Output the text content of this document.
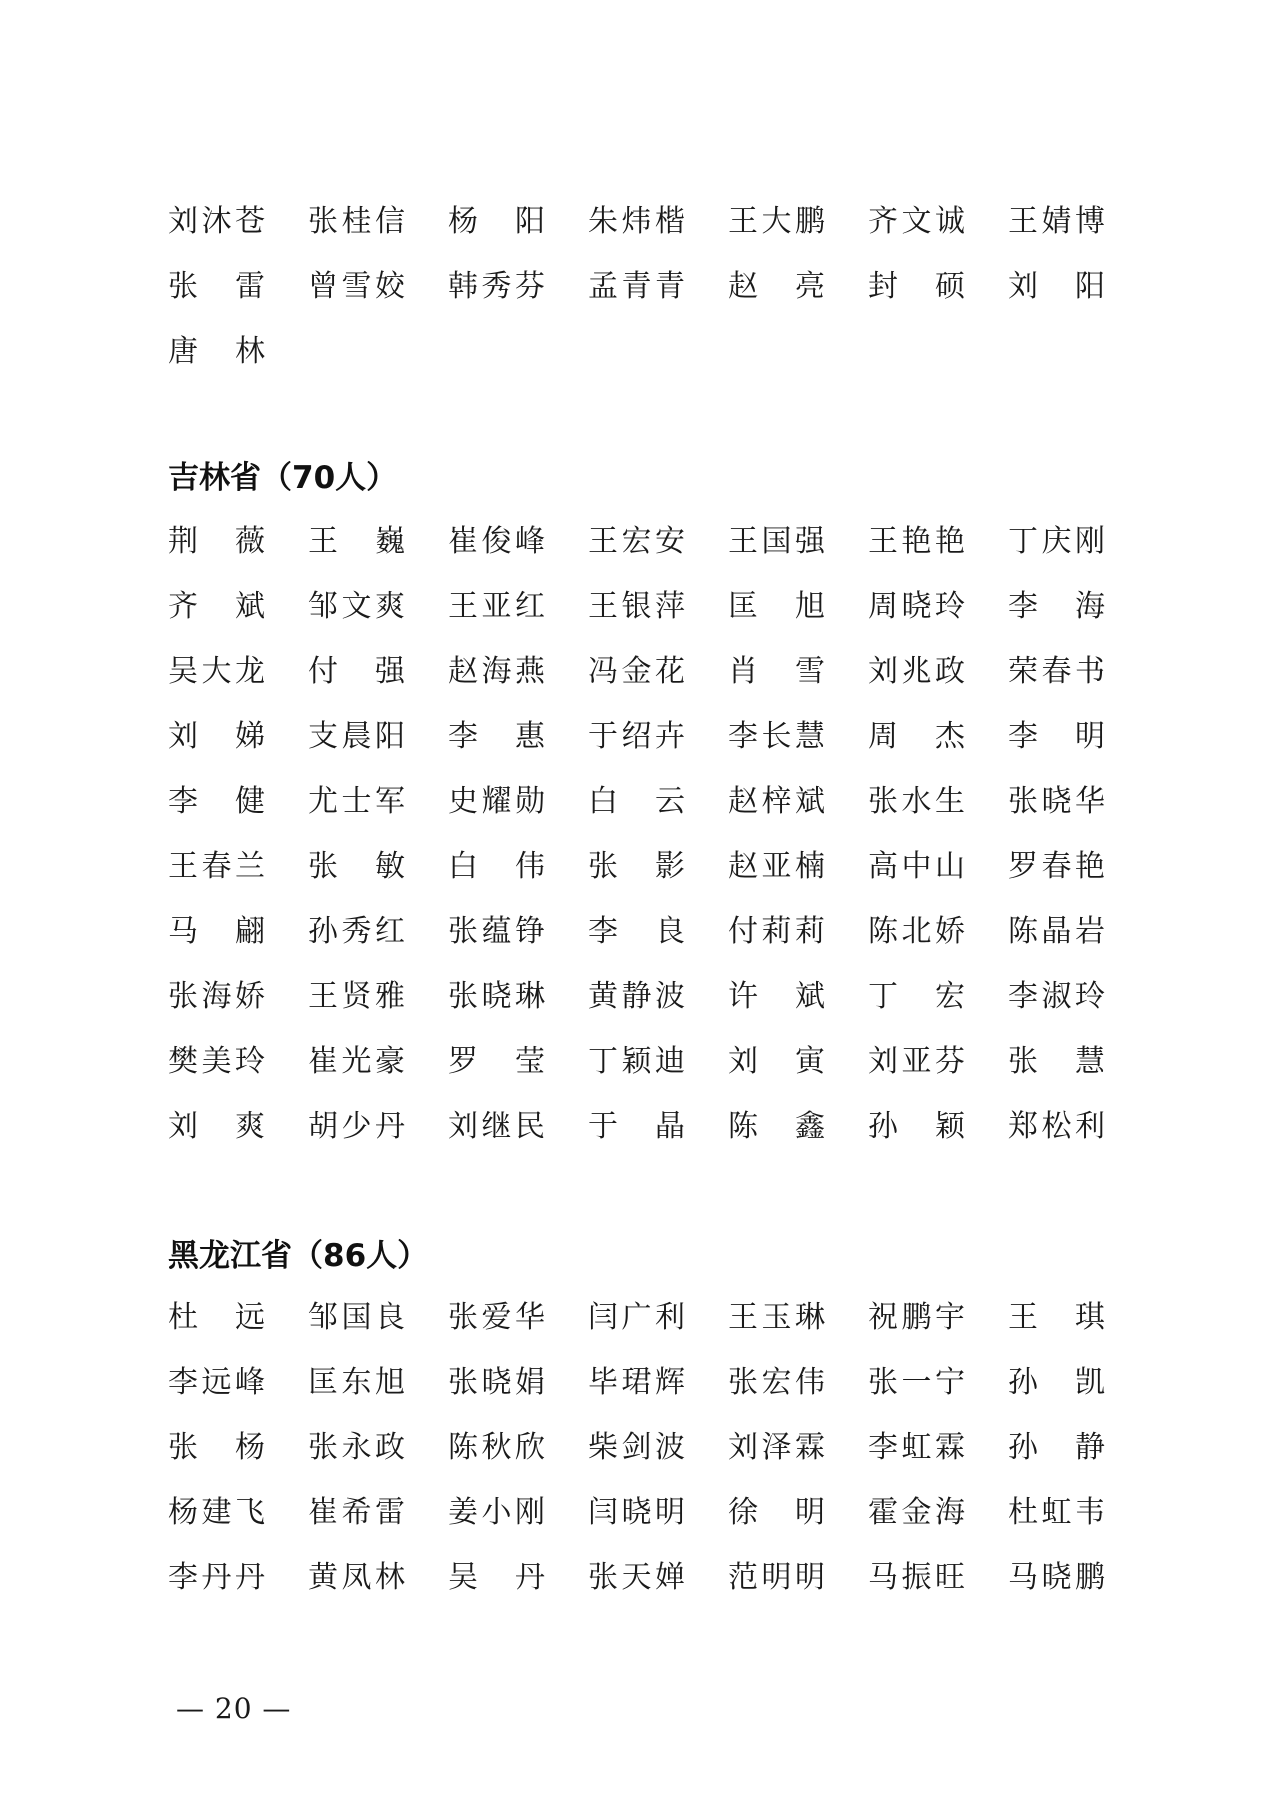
刘 沐 苍 张 桂 信 杨 阳 朱 炜 楷 王 大 鹏 齐 文 诚 王 婧 博
张 雷 曾 雪 姣 韩 秀 芬 孟 青 青 赵 亮 封 硕 刘 阳
唐 林
吉林省（70人）
荆 薇 王 巍 崔 俊 峰 王 宏 安 王 国 强 王 艳 艳 丁 庆 刚
齐 斌 邹 文 爽 王 亚 红 王 银 萍 匡 旭 周 晓 玲 李 海
吴 大 龙 付 强 赵 海 燕 冯 金 花 肖 雪 刘 兆 政 荣 春 书
刘 娣 支 晨 阳 李 惠 于 绍 卉 李 长 慧 周 杰 李 明
李 健 尤 士 军 史 耀 勋 白 云 赵 梓 斌 张 水 生 张 晓 华
王 春 兰 张 敏 白 伟 张 影 赵 亚 楠 高 中 山 罗 春 艳
马 翩 孙 秀 红 张 蕴 铮 李 良 付 莉 莉 陈 北 娇 陈 晶 岩
张 海 娇 王 贤 雅 张 晓 琳 黄 静 波 许 斌 丁 宏 李 淑 玲
樊 美 玲 崔 光 豪 罗 莹 丁 颖 迪 刘 寅 刘 亚 芬 张 慧
刘 爽 胡 少 丹 刘 继 民 于 晶 陈 鑫 孙 颖 郑 松 利
黑龙江省（86人）
杜 远 邹 国 良 张 爱 华 闫 广 利 王 玉 琳 祝 鹏 宇 王 琪
李 远 峰 匡 东 旭 张 晓 娟 毕 珺 辉 张 宏 伟 张 一 宁 孙 凯
张 杨 张 永 政 陈 秋 欣 柴 剑 波 刘 泽 霖 李 虹 霖 孙 静
杨 建 飞 崔 希 雷 姜 小 刚 闫 晓 明 徐 明 霍 金 海 杜 虹 韦
李 丹 丹 黄 凤 林 吴 丹 张 天 婵 范 明 明 马 振 旺 马 晓 鹏
— 20 —
